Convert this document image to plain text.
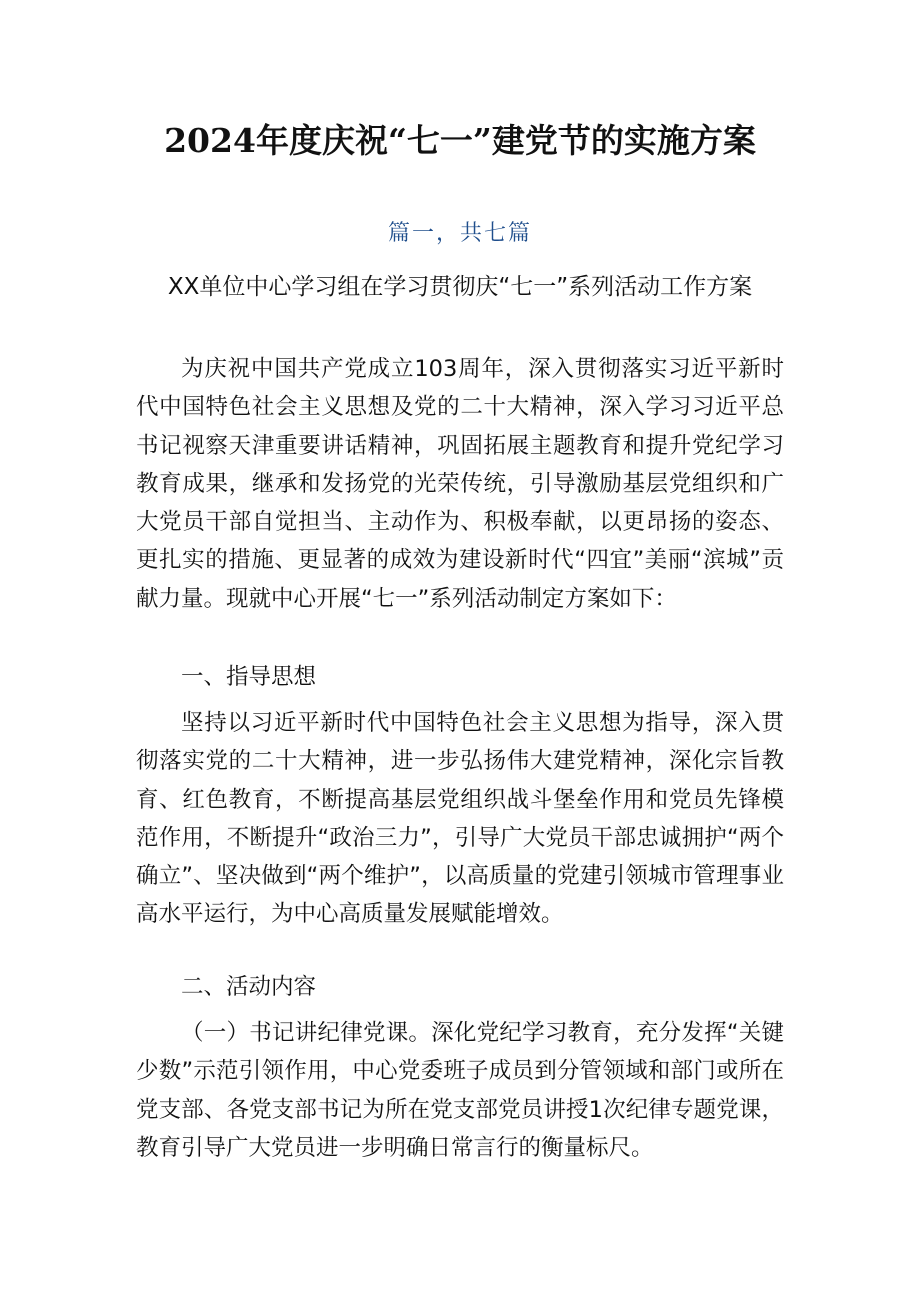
2024年度庆祝“七一”建党节的实施方案
篇一，共七篇
XX单位中心学习组在学习贯彻庆“七一”系列活动工作方案

为庆祝中国共产党成立103周年，深入贯彻落实习近平新时代中国特色社会主义思想及党的二十大精神，深入学习习近平总书记视察天津重要讲话精神，巩固拓展主题教育和提升党纪学习教育成果，继承和发扬党的光荣传统，引导激励基层党组织和广大党员干部自觉担当、主动作为、积极奉献，以更昂扬的姿态、更扎实的措施、更显著的成效为建设新时代“四宜”美丽“滨城”贡献力量。现就中心开展“七一”系列活动制定方案如下：

一、指导思想

坚持以习近平新时代中国特色社会主义思想为指导，深入贯彻落实党的二十大精神，进一步弘扬伟大建党精神，深化宗旨教育、红色教育，不断提高基层党组织战斗堡垒作用和党员先锋模范作用，不断提升“政治三力”，引导广大党员干部忠诚拥护“两个确立”、坚决做到“两个维护”，以高质量的党建引领城市管理事业高水平运行，为中心高质量发展赋能增效。

二、活动内容

（一）书记讲纪律党课。深化党纪学习教育，充分发挥“关键少数”示范引领作用，中心党委班子成员到分管领域和部门或所在党支部、各党支部书记为所在党支部党员讲授1次纪律专题党课，教育引导广大党员进一步明确日常言行的衡量标尺。
